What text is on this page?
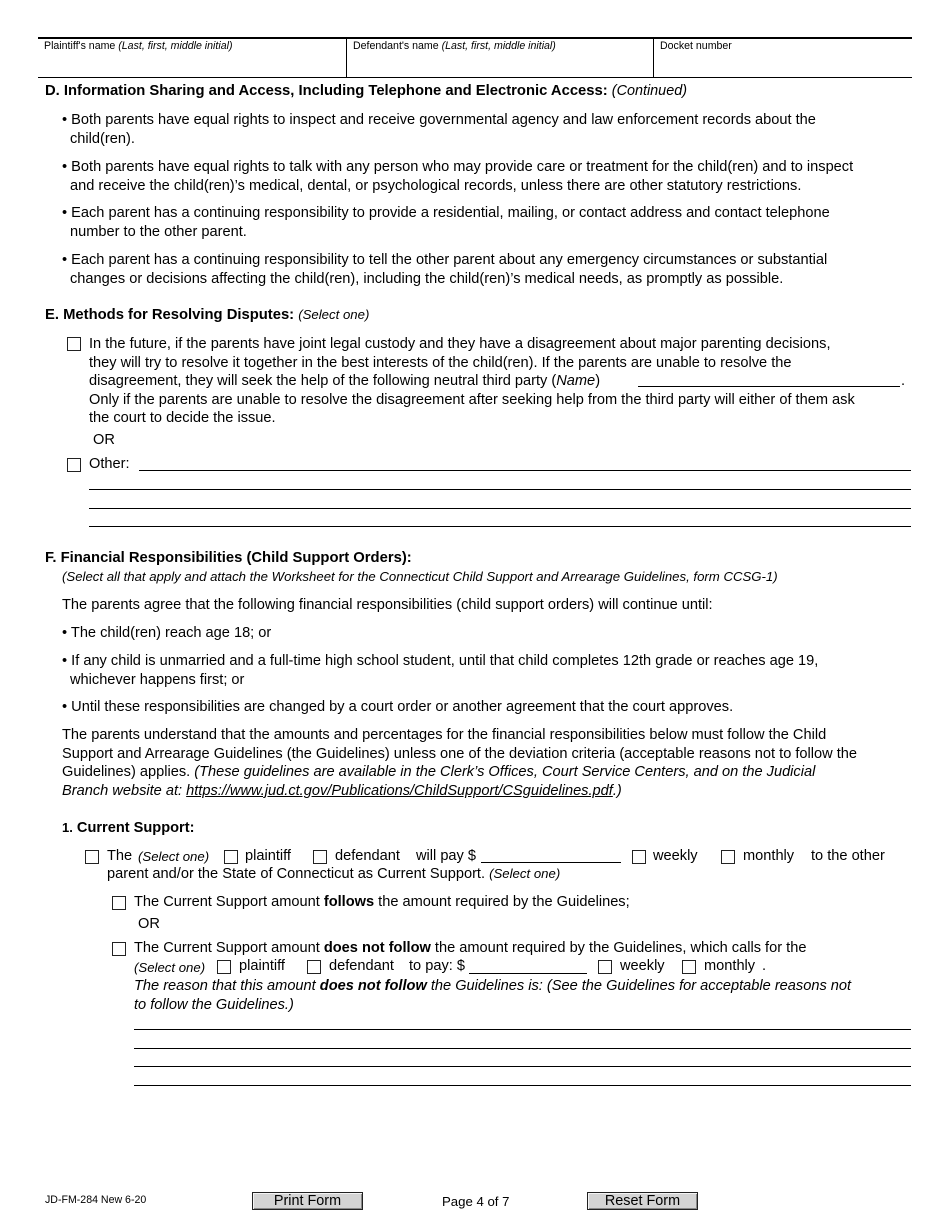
Plaintiff's name (Last, first, middle initial)	Defendant's name (Last, first, middle initial)	Docket number
D. Information Sharing and Access, Including Telephone and Electronic Access: (Continued)
• Both parents have equal rights to inspect and receive governmental agency and law enforcement records about the
child(ren).
• Both parents have equal rights to talk with any person who may provide care or treatment for the child(ren) and to inspect
and receive the child(ren)’s medical, dental, or psychological records, unless there are other statutory restrictions.
• Each parent has a continuing responsibility to provide a residential, mailing, or contact address and contact telephone
number to the other parent.
• Each parent has a continuing responsibility to tell the other parent about any emergency circumstances or substantial
changes or decisions affecting the child(ren), including the child(ren)’s medical needs, as promptly as possible.
E. Methods for Resolving Disputes: (Select one)
In the future, if the parents have joint legal custody and they have a disagreement about major parenting decisions,
they will try to resolve it together in the best interests of the child(ren). If the parents are unable to resolve the
disagreement, they will seek the help of the following neutral third party (Name)
Only if the parents are unable to resolve the disagreement after seeking help from the third party will either of them ask
the court to decide the issue.
.
OR
Other:
F. Financial Responsibilities (Child Support Orders):
(Select all that apply and attach the Worksheet for the Connecticut Child Support and Arrearage Guidelines, form CCSG-1)
The parents agree that the following financial responsibilities (child support orders) will continue until:
• The child(ren) reach age 18; or
• If any child is unmarried and a full-time high school student, until that child completes 12th grade or reaches age 19,
whichever happens first; or
• Until these responsibilities are changed by a court order or another agreement that the court approves.
The parents understand that the amounts and percentages for the financial responsibilities below must follow the Child
Support and Arrearage Guidelines (the Guidelines) unless one of the deviation criteria (acceptable reasons not to follow the
Guidelines) applies. (These guidelines are available in the Clerk’s Offices, Court Service Centers, and on the Judicial
Branch website at: https://www.jud.ct.gov/Publications/ChildSupport/CSguidelines.pdf.)
1. Current Support:
The (Select one) plaintiff	defendant will pay $	weekly	monthly to the other
parent and/or the State of Connecticut as Current Support. (Select one)
The Current Support amount follows the amount required by the Guidelines;
OR
The Current Support amount does not follow the amount required by the Guidelines, which calls for the
(Select one) plaintiff	defendant to pay: $	weekly	monthly .
The reason that this amount does not follow the Guidelines is: (See the Guidelines for acceptable reasons not
to follow the Guidelines.)
JD-FM-284 New 6-20	Print Form	Page 4 of 7	Reset Form
